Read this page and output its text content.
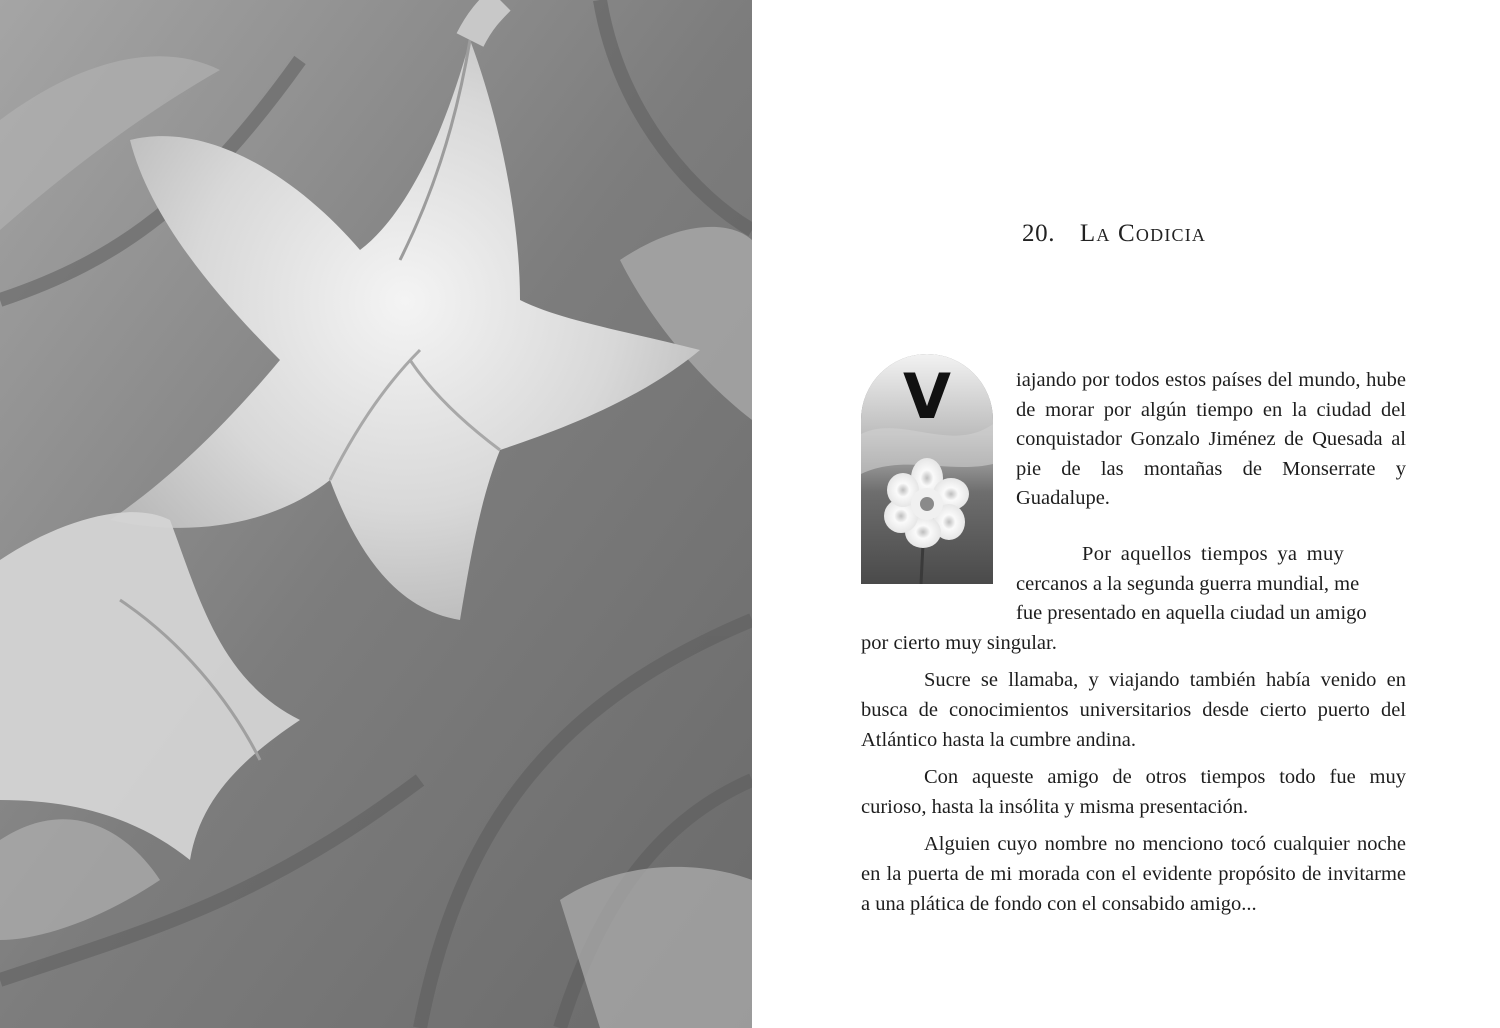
20. La Codicia
V	iajando por todos estos países del mundo, hube de morar por algún tiempo en la ciudad del conquistador Gonzalo Jiménez de Quesada al pie de las montañas de Monserrate y Guadalupe.

Por aquellos tiempos ya muy

cercanos a la segunda guerra mundial, me

fue presentado en aquella ciudad un amigo

por cierto muy singular.

Sucre se llamaba, y viajando también había venido en busca de conocimientos universitarios desde cierto puerto del Atlántico hasta la cumbre andina.

Con aqueste amigo de otros tiempos todo fue muy curioso, hasta la insólita y misma presentación.

Alguien cuyo nombre no menciono tocó cualquier noche en la puerta de mi morada con el evidente propósito de invitarme a una plática de fondo con el consabido amigo...
